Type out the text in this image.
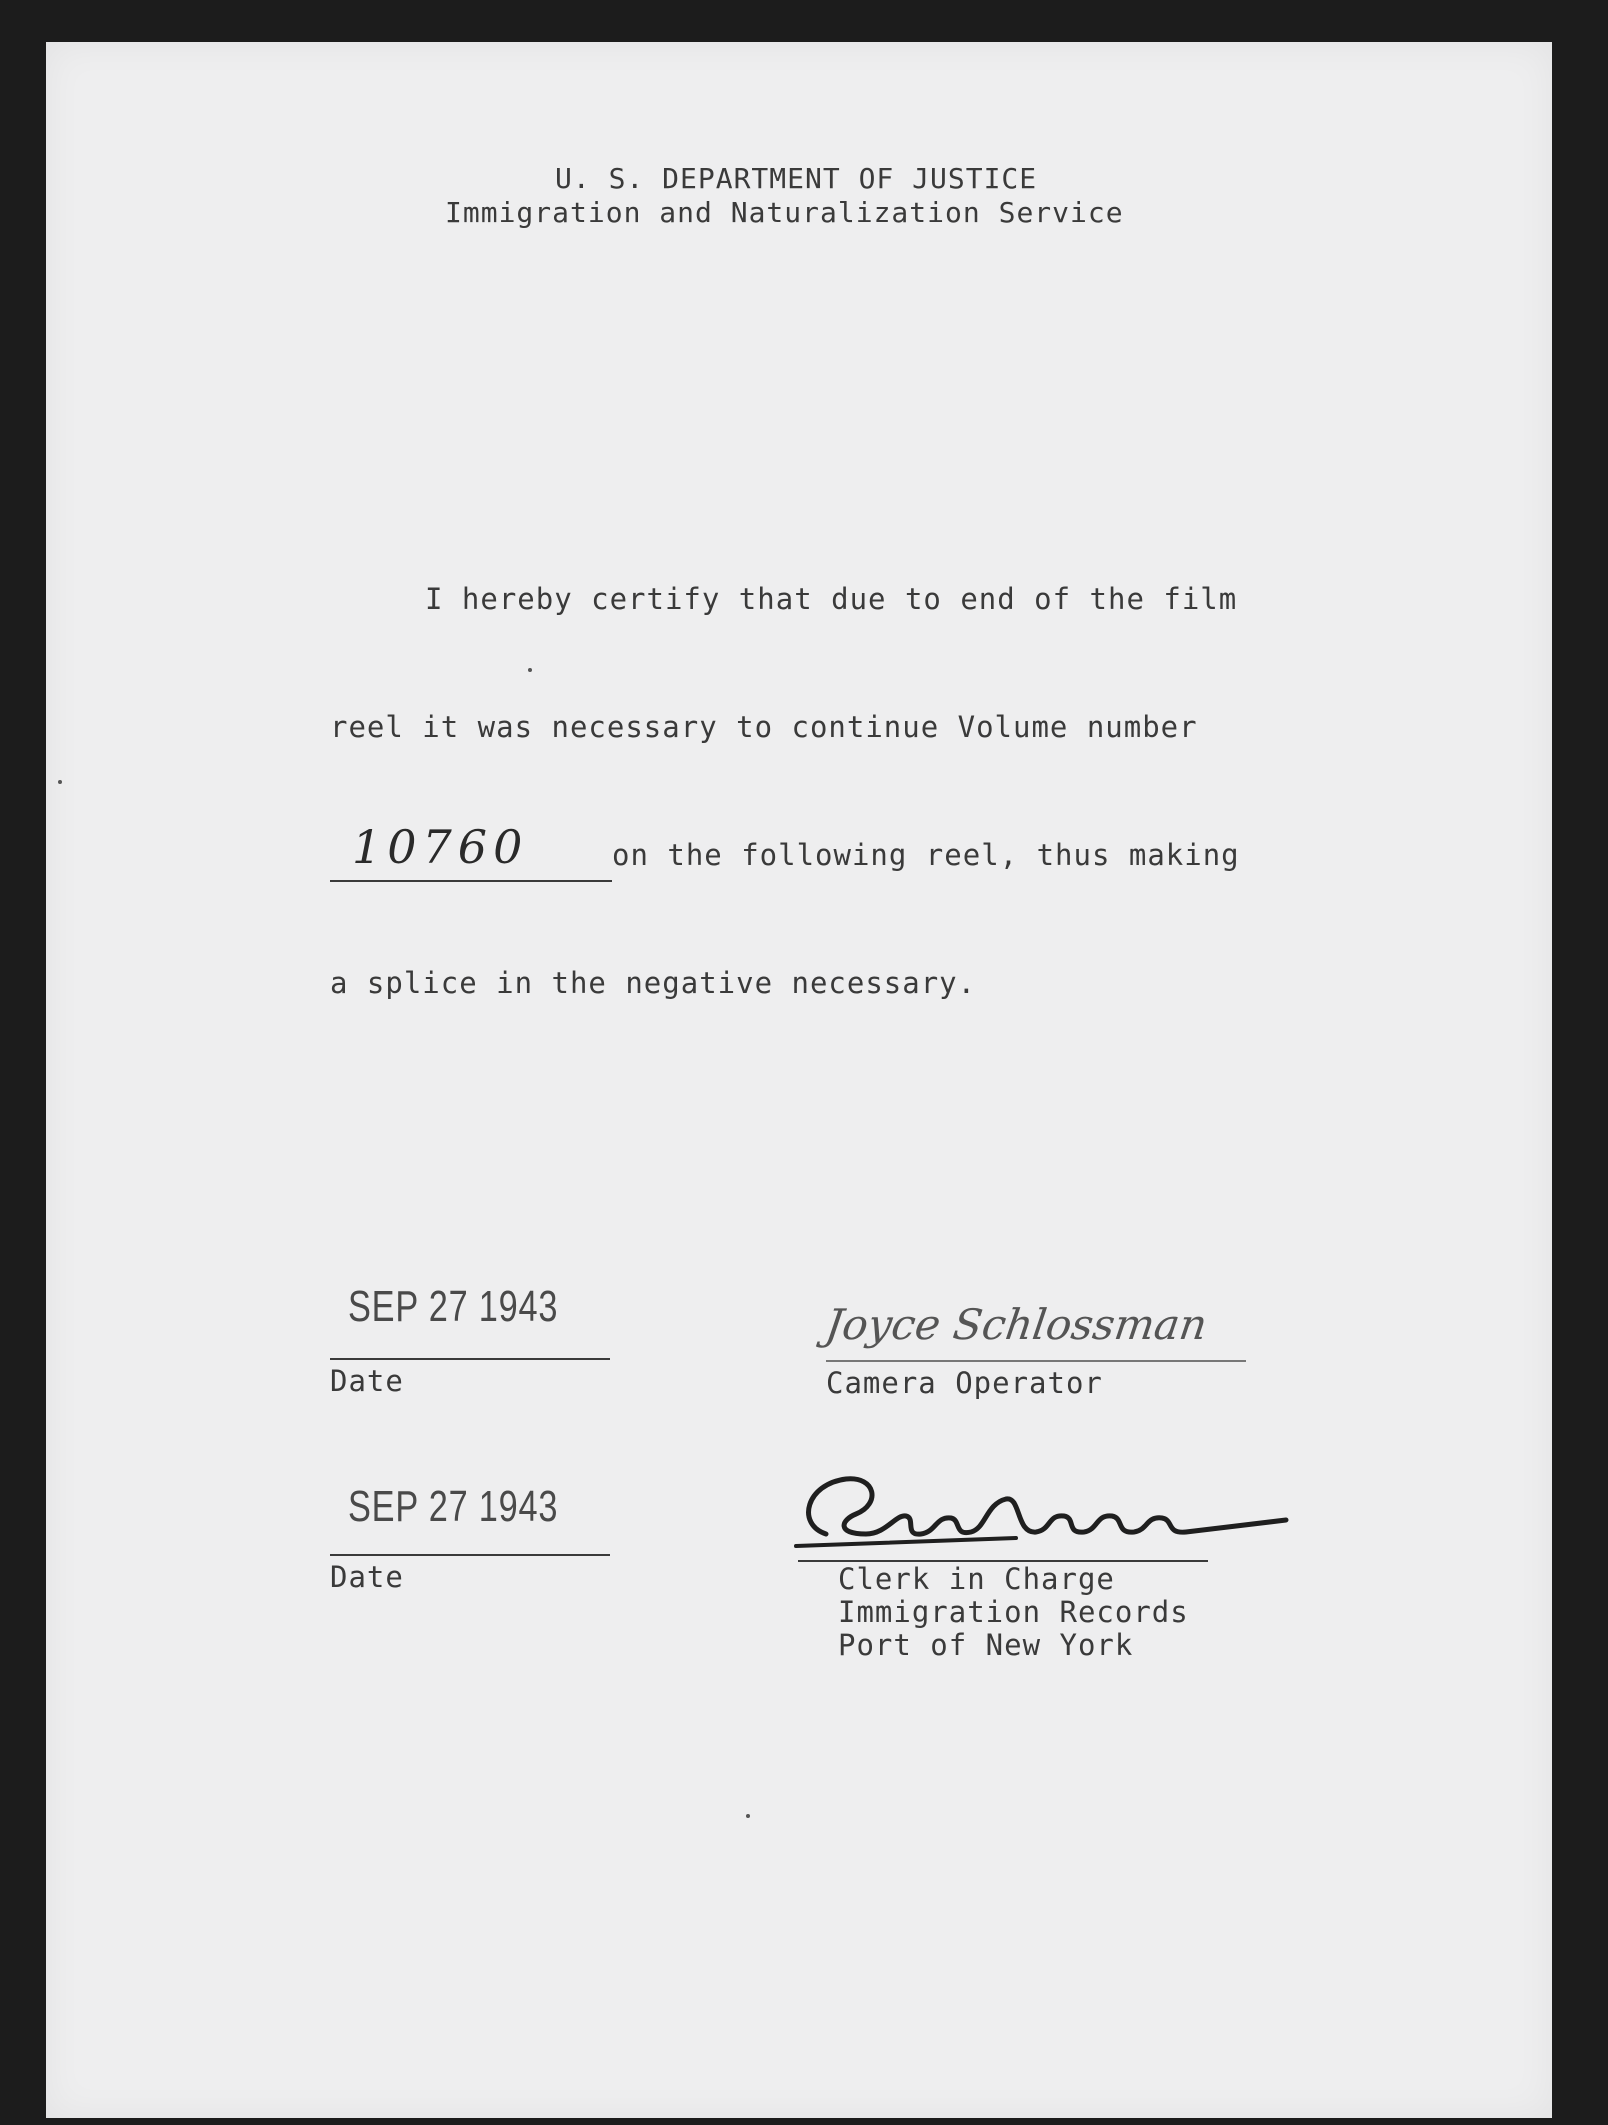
U. S. DEPARTMENT OF JUSTICE
Immigration and Naturalization Service
I hereby certify that due to end of the film
reel it was necessary to continue Volume number
10760	on the following reel, thus making
a splice in the negative necessary.
SEP 27 1943
Date
Joyce Schlossman
Camera Operator
SEP 27 1943
Date	Clerk in Charge
Immigration Records
Port of New York
